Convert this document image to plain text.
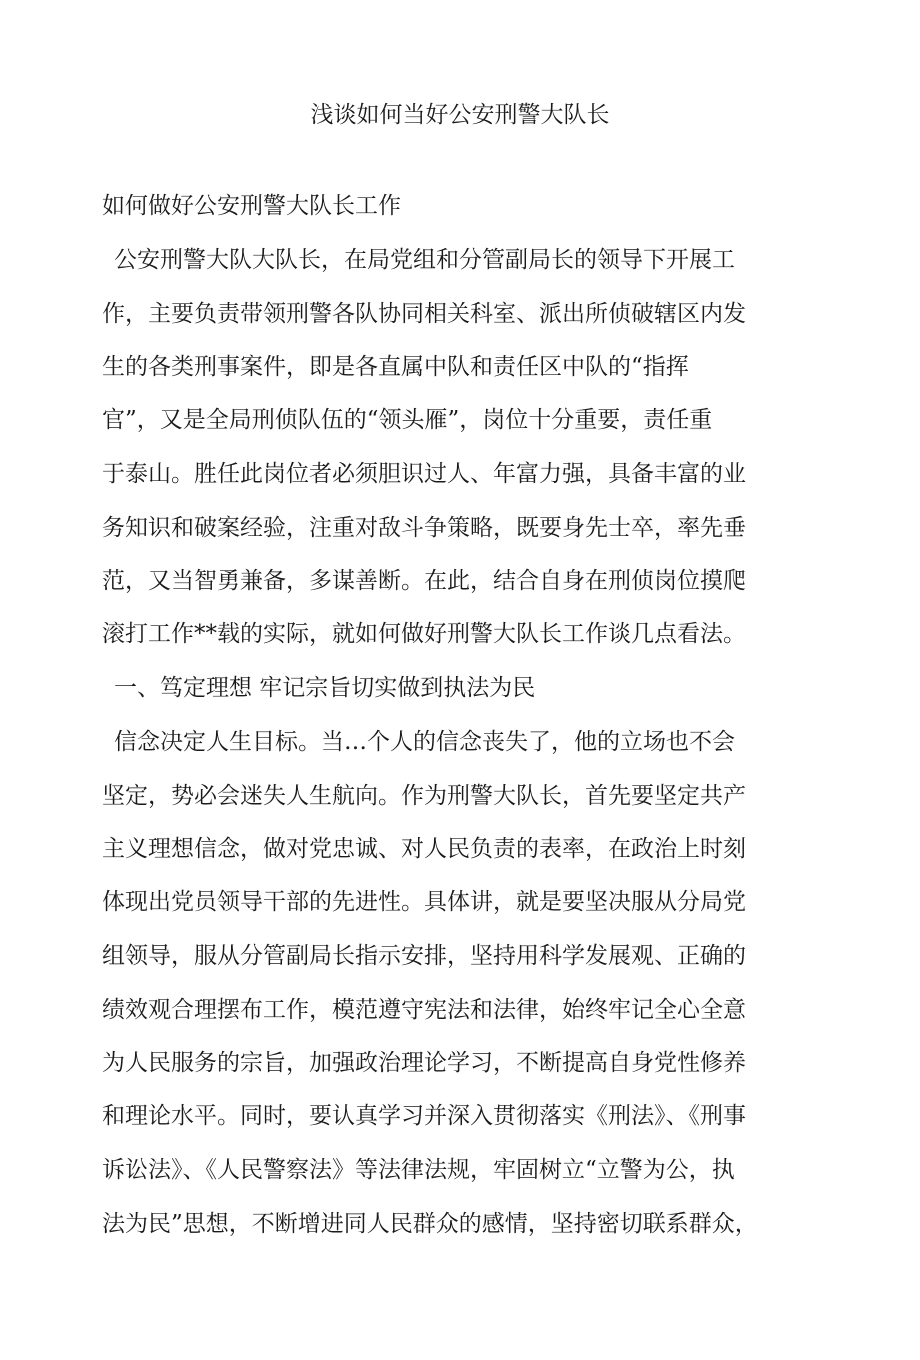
浅谈如何当好公安刑警大队长
如何做好公安刑警大队长工作
公安刑警大队大队长，在局党组和分管副局长的领导下开展工
作，主要负责带领刑警各队协同相关科室、派出所侦破辖区内发
生的各类刑事案件，即是各直属中队和责任区中队的“指挥
官”，又是全局刑侦队伍的“领头雁”，岗位十分重要，责任重
于泰山。胜任此岗位者必须胆识过人、年富力强，具备丰富的业
务知识和破案经验，注重对敌斗争策略，既要身先士卒，率先垂
范，又当智勇兼备，多谋善断。在此，结合自身在刑侦岗位摸爬
滚打工作**载的实际，就如何做好刑警大队长工作谈几点看法。
一、笃定理想 牢记宗旨切实做到执法为民
信念决定人生目标。当…个人的信念丧失了，他的立场也不会
坚定，势必会迷失人生航向。作为刑警大队长，首先要坚定共产
主义理想信念，做对党忠诚、对人民负责的表率，在政治上时刻
体现出党员领导干部的先进性。具体讲，就是要坚决服从分局党
组领导，服从分管副局长指示安排，坚持用科学发展观、正确的
绩效观合理摆布工作，模范遵守宪法和法律，始终牢记全心全意
为人民服务的宗旨，加强政治理论学习，不断提高自身党性修养
和理论水平。同时，要认真学习并深入贯彻落实《刑法》、《刑事
诉讼法》、《人民警察法》等法律法规，牢固树立“立警为公，执
法为民”思想，不断增进同人民群众的感情，坚持密切联系群众，
